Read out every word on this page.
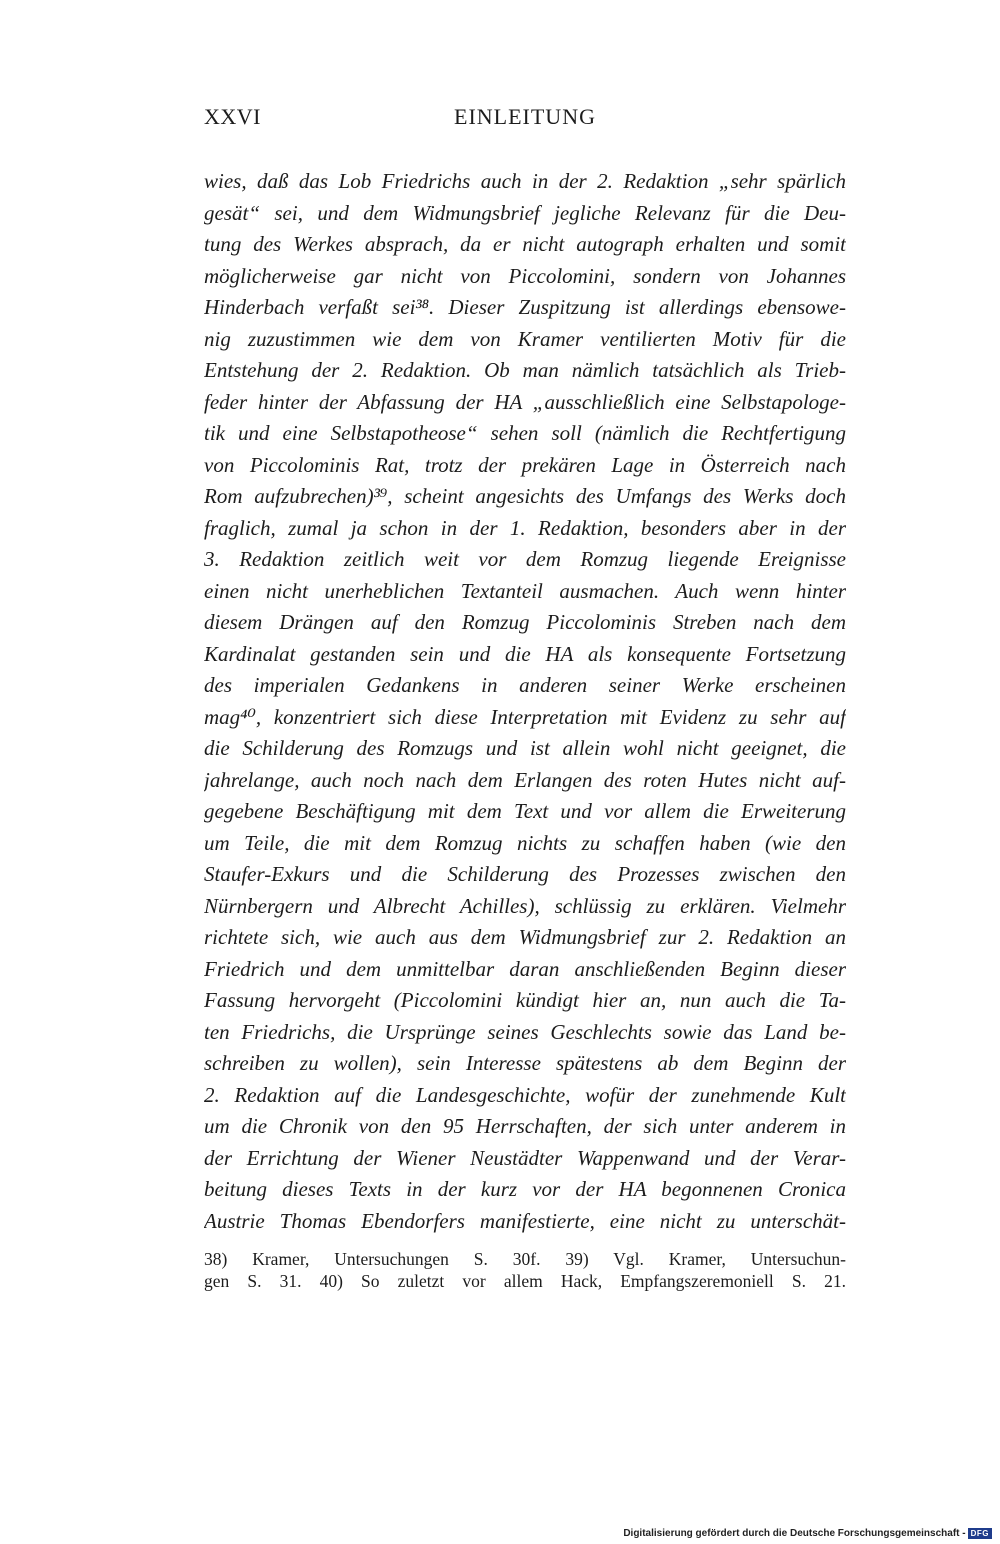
XXVI	EINLEITUNG
wies, daß das Lob Friedrichs auch in der 2. Redaktion „sehr spärlich
gesät“ sei, und dem Widmungsbrief jegliche Relevanz für die Deu-
tung des Werkes absprach, da er nicht autograph erhalten und somit
möglicherweise gar nicht von Piccolomini, sondern von Johannes
Hinderbach verfaßt sei³⁸. Dieser Zuspitzung ist allerdings ebensowe-
nig zuzustimmen wie dem von Kramer ventilierten Motiv für die
Entstehung der 2. Redaktion. Ob man nämlich tatsächlich als Trieb-
feder hinter der Abfassung der HA „ausschließlich eine Selbstapologe-
tik und eine Selbstapotheose“ sehen soll (nämlich die Rechtfertigung
von Piccolominis Rat, trotz der prekären Lage in Österreich nach
Rom aufzubrechen)³⁹, scheint angesichts des Umfangs des Werks doch
fraglich, zumal ja schon in der 1. Redaktion, besonders aber in der
3. Redaktion zeitlich weit vor dem Romzug liegende Ereignisse
einen nicht unerheblichen Textanteil ausmachen. Auch wenn hinter
diesem Drängen auf den Romzug Piccolominis Streben nach dem
Kardinalat gestanden sein und die HA als konsequente Fortsetzung
des imperialen Gedankens in anderen seiner Werke erscheinen
mag⁴⁰, konzentriert sich diese Interpretation mit Evidenz zu sehr auf
die Schilderung des Romzugs und ist allein wohl nicht geeignet, die
jahrelange, auch noch nach dem Erlangen des roten Hutes nicht auf-
gegebene Beschäftigung mit dem Text und vor allem die Erweiterung
um Teile, die mit dem Romzug nichts zu schaffen haben (wie den
Staufer-Exkurs und die Schilderung des Prozesses zwischen den
Nürnbergern und Albrecht Achilles), schlüssig zu erklären. Vielmehr
richtete sich, wie auch aus dem Widmungsbrief zur 2. Redaktion an
Friedrich und dem unmittelbar daran anschließenden Beginn dieser
Fassung hervorgeht (Piccolomini kündigt hier an, nun auch die Ta-
ten Friedrichs, die Ursprünge seines Geschlechts sowie das Land be-
schreiben zu wollen), sein Interesse spätestens ab dem Beginn der
2. Redaktion auf die Landesgeschichte, wofür der zunehmende Kult
um die Chronik von den 95 Herrschaften, der sich unter anderem in
der Errichtung der Wiener Neustädter Wappenwand und der Verar-
beitung dieses Texts in der kurz vor der HA begonnenen Cronica
Austrie Thomas Ebendorfers manifestierte, eine nicht zu unterschät-
38) Kramer, Untersuchungen S. 30f. 39) Vgl. Kramer, Untersuchun-
gen S. 31. 40) So zuletzt vor allem Hack, Empfangszeremoniell S. 21.
Digitalisierung gefördert durch die Deutsche Forschungsgemeinschaft - DFG
